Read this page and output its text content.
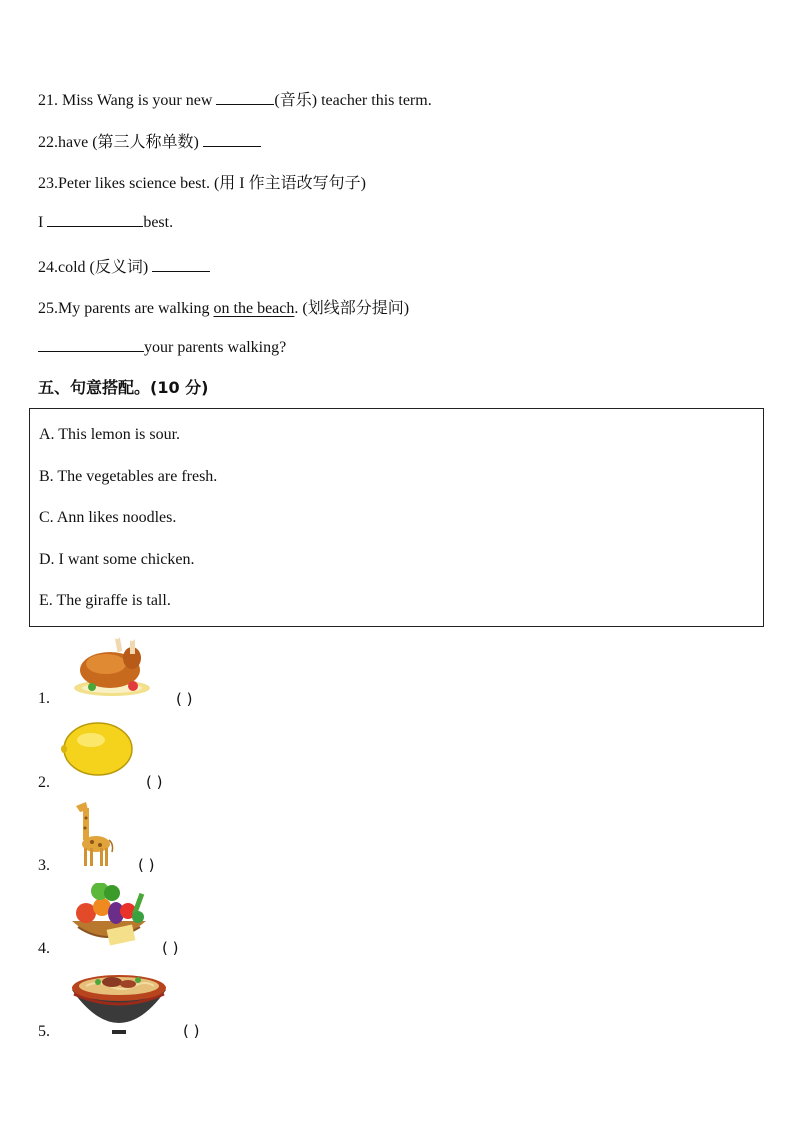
21. Miss Wang is your new	(音乐) teacher this term.
22.have (第三人称单数)
23.Peter likes science best. (用 I 作主语改写句子)
I	best.
24.cold (反义词)
25.My parents are walking on the beach. (划线部分提问)
your parents walking?
五、句意搭配。(10 分)
A. This lemon is sour.
B. The vegetables are fresh.
C. Ann likes noodles.
D. I want some chicken.
E. The giraffe is tall.
1.	( )
2.	( )
3.	( )
4.	( )
5.	( )
